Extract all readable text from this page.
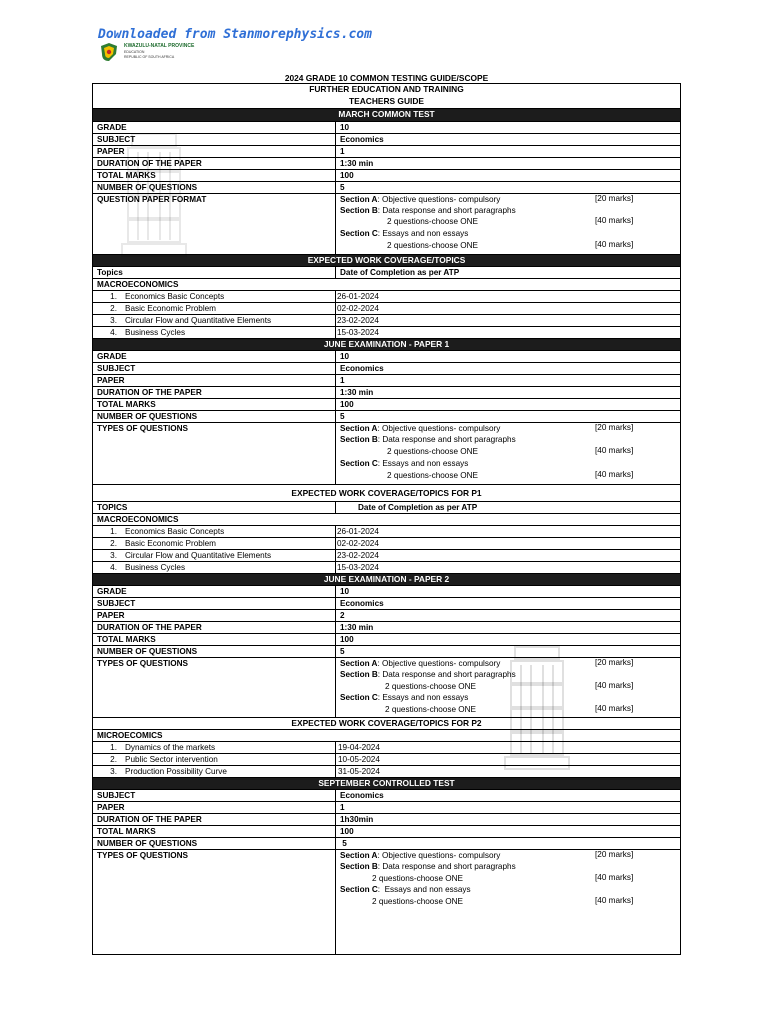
Downloaded from Stanmorephysics.com
KWAZULU-NATAL PROVINCE
EDUCATION
REPUBLIC OF SOUTH AFRICA
2024 GRADE 10 COMMON TESTING GUIDE/SCOPE
FURTHER EDUCATION AND TRAINING
TEACHERS GUIDE
MARCH COMMON TEST
GRADE	10
SUBJECT	Economics
PAPER	1
DURATION OF THE PAPER	1:30 min
TOTAL MARKS	100
NUMBER OF QUESTIONS	5
QUESTION PAPER FORMAT	Section A: Objective questions- compulsory	[20 marks]
Section B: Data response and short paragraphs
2 questions-choose ONE	[40 marks]
Section C: Essays and non essays
2 questions-choose ONE	[40 marks]
EXPECTED WORK COVERAGE/TOPICS
Topics	Date of Completion as per ATP
MACROECONOMICS
1. Economics Basic Concepts	26-01-2024
2. Basic Economic Problem	02-02-2024
3. Circular Flow and Quantitative Elements	23-02-2024
4. Business Cycles	15-03-2024
JUNE EXAMINATION - PAPER 1
GRADE	10
SUBJECT	Economics
PAPER	1
DURATION OF THE PAPER	1:30 min
TOTAL MARKS	100
NUMBER OF QUESTIONS	5
TYPES OF QUESTIONS	Section A: Objective questions- compulsory	[20 marks]
Section B: Data response and short paragraphs
2 questions-choose ONE	[40 marks]
Section C: Essays and non essays
2 questions-choose ONE	[40 marks]
EXPECTED WORK COVERAGE/TOPICS FOR P1
TOPICS	Date of Completion as per ATP
MACROECONOMICS
1. Economics Basic Concepts	26-01-2024
2. Basic Economic Problem	02-02-2024
3. Circular Flow and Quantitative Elements	23-02-2024
4. Business Cycles	15-03-2024
JUNE EXAMINATION - PAPER 2
GRADE	10
SUBJECT	Economics
PAPER	2
DURATION OF THE PAPER	1:30 min
TOTAL MARKS	100
NUMBER OF QUESTIONS	5
TYPES OF QUESTIONS	Section A: Objective questions- compulsory	[20 marks]
Section B: Data response and short paragraphs
2 questions-choose ONE	[40 marks]
Section C: Essays and non essays
2 questions-choose ONE	[40 marks]
EXPECTED WORK COVERAGE/TOPICS FOR P2
MICROECOMICS
1. Dynamics of the markets	19-04-2024
2. Public Sector intervention	10-05-2024
3. Production Possibility Curve	31-05-2024
SEPTEMBER CONTROLLED TEST
SUBJECT	Economics
PAPER	1
DURATION OF THE PAPER	1h30min
TOTAL MARKS	100
NUMBER OF QUESTIONS	5
TYPES OF QUESTIONS	Section A: Objective questions- compulsory	[20 marks]
Section B: Data response and short paragraphs
2 questions-choose ONE	[40 marks]
Section C:  Essays and non essays
2 questions-choose ONE	[40 marks]
